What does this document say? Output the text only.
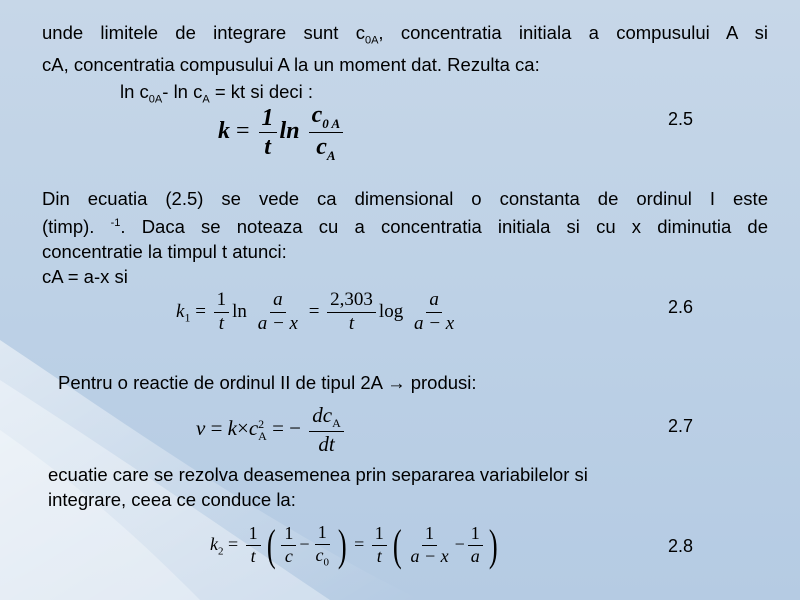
unde limitele de integrare sunt $c_{0A}$, concentratia initiala a compusului A si
cA, concentratia compusului A la un moment dat. Rezulta ca:
$\ln c_{0A}-$ $\ln c_A$ = kt si deci :
$k = \frac{1}{t}$ $\ln \frac{c_{0 A}}{c_A}$	2.5
Din ecuatia (2.5) se vede ca dimensional o constanta de ordinul I este
(timp). $^{-1}$. Daca se noteaza cu a concentratia initiala si cu x diminutia de
concentratie la timpul t atunci:
cA = a-x si
$k_1 = \frac{1}{t}$ $\ln \frac{a}{a - x} = \frac{2,303}{t}$ $\log \frac{a}{a - x}$	2.6
Pentru o reactie de ordinul II de tipul 2A → produsi:
v = k×c 2
A = − $\frac{dc_A}{dt}$	2.7
ecuatie care se rezolva deasemenea prin separarea variabilelor si
integrare, ceea ce conduce la:
$k_2 = \frac{1}{t}$ ( $\frac{1}{c} - \frac{1}{c_0}$ ) = $\frac{1}{t}$ ( $\frac{1}{a - x} - \frac{1}{a}$ )	2.8
